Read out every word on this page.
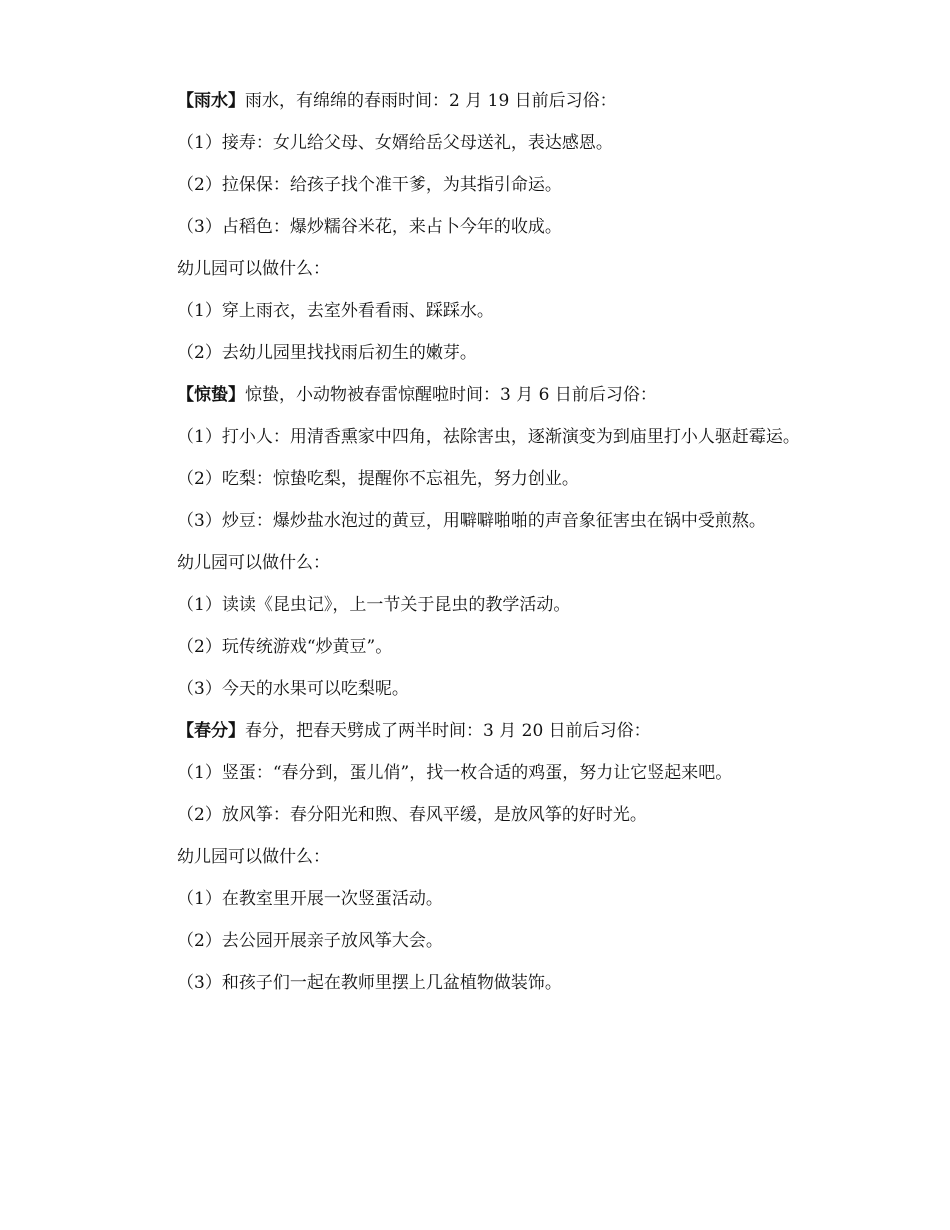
【雨水】雨水，有绵绵的春雨时间：2 月 19 日前后习俗：

（1）接寿：女儿给父母、女婿给岳父母送礼，表达感恩。

（2）拉保保：给孩子找个准干爹，为其指引命运。

（3）占稻色：爆炒糯谷米花，来占卜今年的收成。

幼儿园可以做什么：

（1）穿上雨衣，去室外看看雨、踩踩水。

（2）去幼儿园里找找雨后初生的嫩芽。

【惊蛰】惊蛰，小动物被春雷惊醒啦时间：3 月 6 日前后习俗：

（1）打小人：用清香熏家中四角，祛除害虫，逐渐演变为到庙里打小人驱赶霉运。

（2）吃梨：惊蛰吃梨，提醒你不忘祖先，努力创业。

（3）炒豆：爆炒盐水泡过的黄豆，用噼噼啪啪的声音象征害虫在锅中受煎熬。

幼儿园可以做什么：

（1）读读《昆虫记》，上一节关于昆虫的教学活动。

（2）玩传统游戏“炒黄豆”。

（3）今天的水果可以吃梨呢。

【春分】春分，把春天劈成了两半时间：3 月 20 日前后习俗：

（1）竖蛋：“春分到，蛋儿俏”，找一枚合适的鸡蛋，努力让它竖起来吧。

（2）放风筝：春分阳光和煦、春风平缓，是放风筝的好时光。

幼儿园可以做什么：

（1）在教室里开展一次竖蛋活动。

（2）去公园开展亲子放风筝大会。

（3）和孩子们一起在教师里摆上几盆植物做装饰。
